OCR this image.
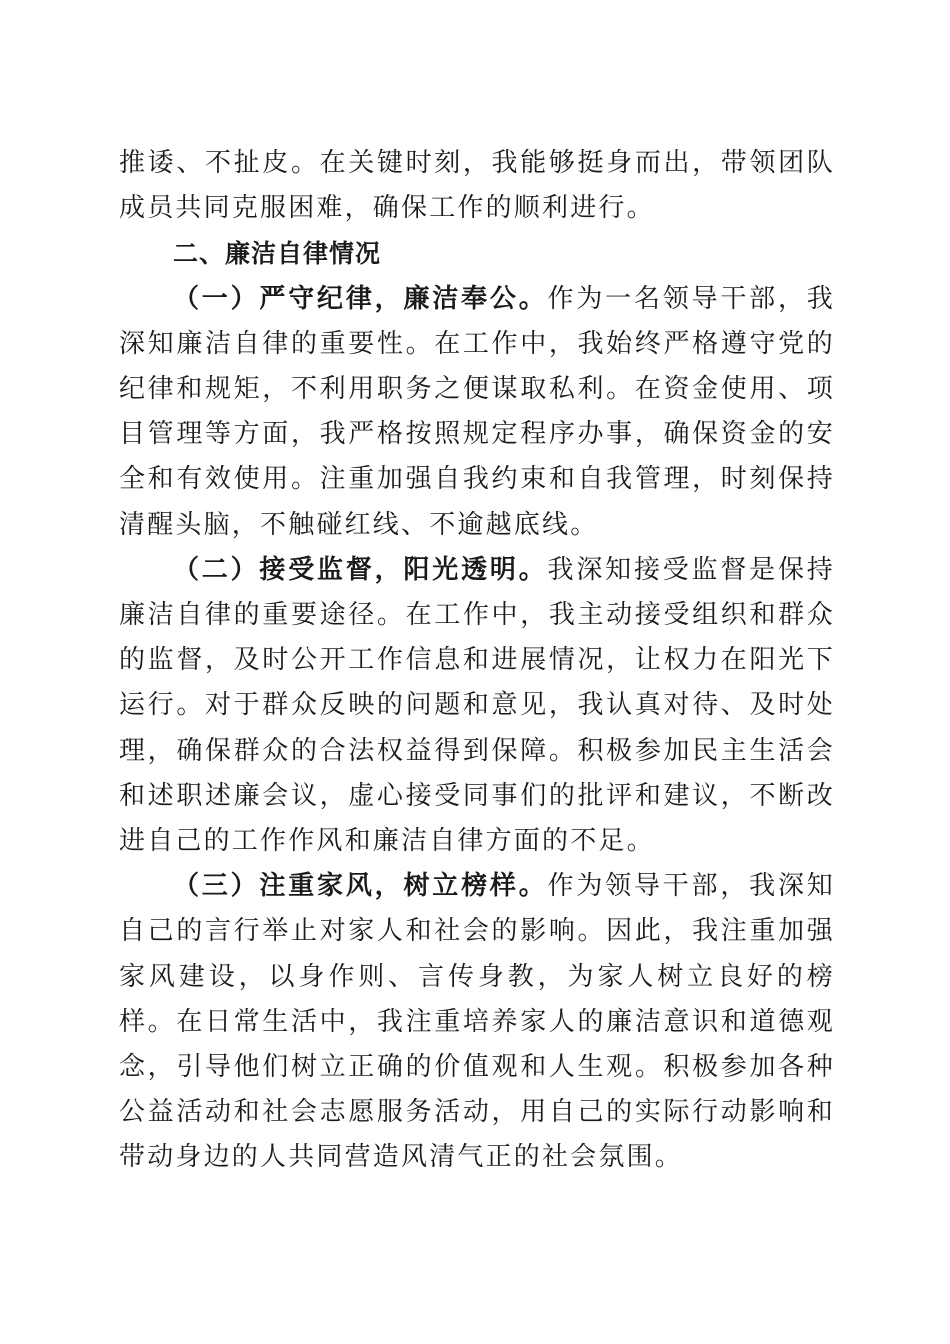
推诿、不扯皮。在关键时刻，我能够挺身而出，带领团队成员共同克服困难，确保工作的顺利进行。

二、廉洁自律情况

（一）严守纪律，廉洁奉公。作为一名领导干部，我深知廉洁自律的重要性。在工作中，我始终严格遵守党的纪律和规矩，不利用职务之便谋取私利。在资金使用、项目管理等方面，我严格按照规定程序办事，确保资金的安全和有效使用。注重加强自我约束和自我管理，时刻保持清醒头脑，不触碰红线、不逾越底线。

（二）接受监督，阳光透明。我深知接受监督是保持廉洁自律的重要途径。在工作中，我主动接受组织和群众的监督，及时公开工作信息和进展情况，让权力在阳光下运行。对于群众反映的问题和意见，我认真对待、及时处理，确保群众的合法权益得到保障。积极参加民主生活会和述职述廉会议，虚心接受同事们的批评和建议，不断改进自己的工作作风和廉洁自律方面的不足。

（三）注重家风，树立榜样。作为领导干部，我深知自己的言行举止对家人和社会的影响。因此，我注重加强家风建设，以身作则、言传身教，为家人树立良好的榜样。在日常生活中，我注重培养家人的廉洁意识和道德观念，引导他们树立正确的价值观和人生观。积极参加各种公益活动和社会志愿服务活动，用自己的实际行动影响和带动身边的人共同营造风清气正的社会氛围。
